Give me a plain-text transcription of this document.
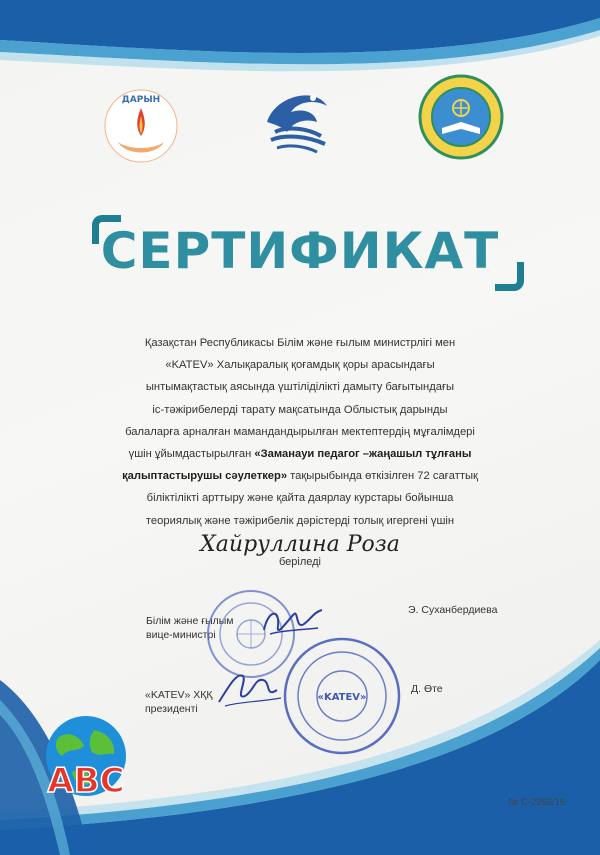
ДАРЫН
СЕРТИФИКАТ
Қазақстан Республикасы Білім және ғылым министрлігі мен
«KATEV» Халықаралық қоғамдық қоры арасындағы
ынтымақтастық аясында үштіліділікті дамыту бағытындағы
іс-тәжірибелерді тарату мақсатында Облыстық дарынды
балаларға арналған мамандандырылған мектептердің мұғалімдері
үшін ұйымдастырылған «Заманауи педагог –жаңашыл тұлғаны
қалыптастырушы сәулеткер» тақырыбында өткізілген 72 сағаттық
біліктілікті арттыру және қайта даярлау курстары бойынша
теориялық және тәжірибелік дәрістерді толық игергені үшін
Хайруллина Роза
беріледі
Білім және ғылым
вице-министрі
Э. Суханбердиева
«KATEV» ХҚҚ
президенті
Д. Өте
«KATEV»
ABC
№ С-2266/16
